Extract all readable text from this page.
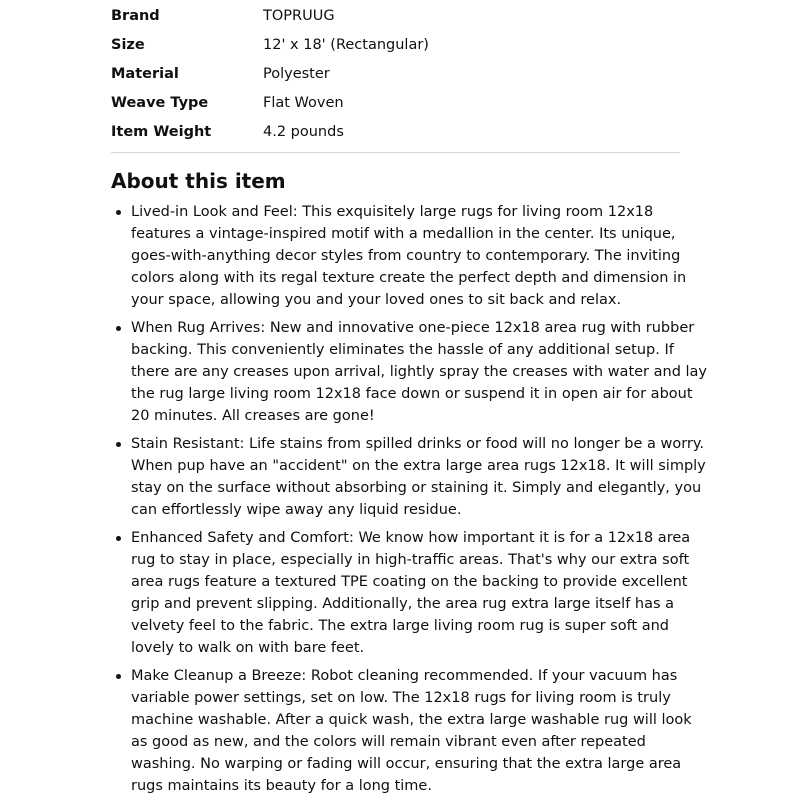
Brand	TOPRUUG
Size	12' x 18' (Rectangular)
Material	Polyester
Weave Type	Flat Woven
Item Weight	4.2 pounds
About this item
Lived-in Look and Feel: This exquisitely large rugs for living room 12x18 features a vintage-inspired motif with a medallion in the center. Its unique, goes-with-anything decor styles from country to contemporary. The inviting colors along with its regal texture create the perfect depth and dimension in your space, allowing you and your loved ones to sit back and relax.
When Rug Arrives: New and innovative one-piece 12x18 area rug with rubber backing. This conveniently eliminates the hassle of any additional setup. If there are any creases upon arrival, lightly spray the creases with water and lay the rug large living room 12x18 face down or suspend it in open air for about 20 minutes. All creases are gone!
Stain Resistant: Life stains from spilled drinks or food will no longer be a worry. When pup have an "accident" on the extra large area rugs 12x18. It will simply stay on the surface without absorbing or staining it. Simply and elegantly, you can effortlessly wipe away any liquid residue.
Enhanced Safety and Comfort: We know how important it is for a 12x18 area rug to stay in place, especially in high-traffic areas. That's why our extra soft area rugs feature a textured TPE coating on the backing to provide excellent grip and prevent slipping. Additionally, the area rug extra large itself has a velvety feel to the fabric. The extra large living room rug is super soft and lovely to walk on with bare feet.
Make Cleanup a Breeze: Robot cleaning recommended. If your vacuum has variable power settings, set on low. The 12x18 rugs for living room is truly machine washable. After a quick wash, the extra large washable rug will look as good as new, and the colors will remain vibrant even after repeated washing. No warping or fading will occur, ensuring that the extra large area rugs maintains its beauty for a long time.
